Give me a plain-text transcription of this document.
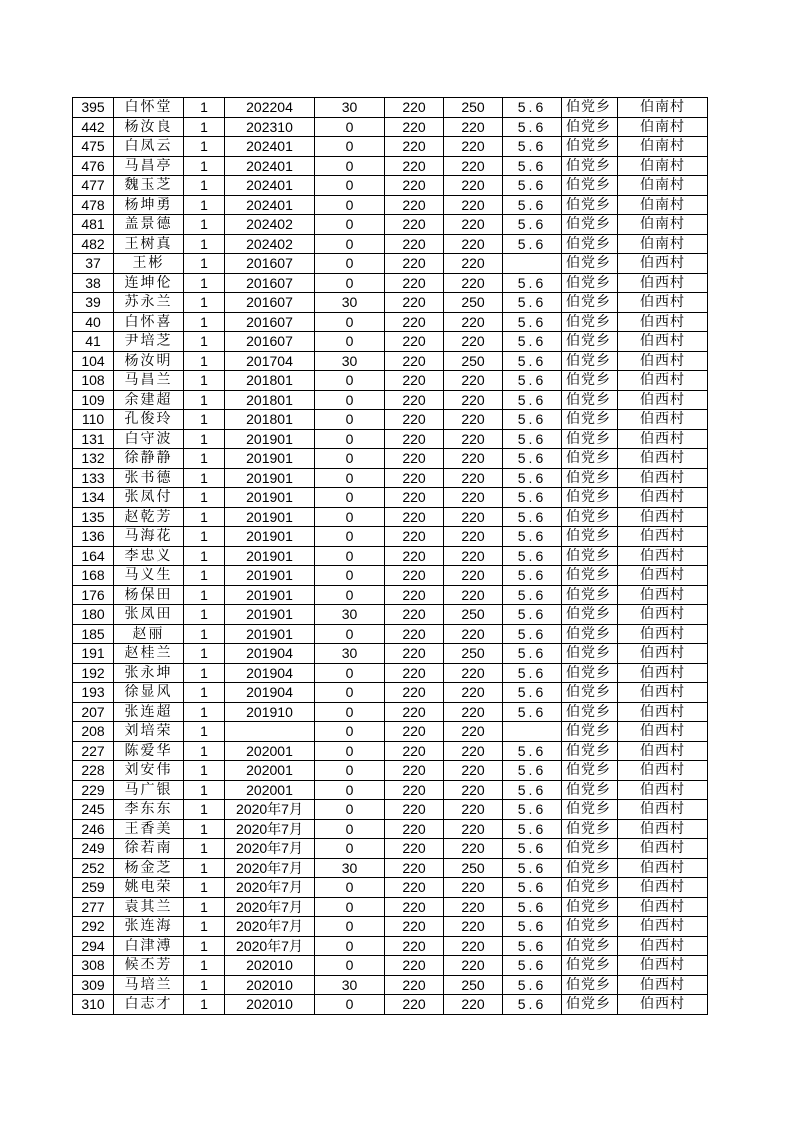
395	白怀堂	1	202204	30	220	250	5.6	伯党乡	伯南村
442	杨汝良	1	202310	0	220	220	5.6	伯党乡	伯南村
475	白凤云	1	202401	0	220	220	5.6	伯党乡	伯南村
476	马昌亭	1	202401	0	220	220	5.6	伯党乡	伯南村
477	魏玉芝	1	202401	0	220	220	5.6	伯党乡	伯南村
478	杨坤勇	1	202401	0	220	220	5.6	伯党乡	伯南村
481	盖景德	1	202402	0	220	220	5.6	伯党乡	伯南村
482	王树真	1	202402	0	220	220	5.6	伯党乡	伯南村
37	王彬	1	201607	0	220	220		伯党乡	伯西村
38	连坤伦	1	201607	0	220	220	5.6	伯党乡	伯西村
39	苏永兰	1	201607	30	220	250	5.6	伯党乡	伯西村
40	白怀喜	1	201607	0	220	220	5.6	伯党乡	伯西村
41	尹培芝	1	201607	0	220	220	5.6	伯党乡	伯西村
104	杨汝明	1	201704	30	220	250	5.6	伯党乡	伯西村
108	马昌兰	1	201801	0	220	220	5.6	伯党乡	伯西村
109	余建超	1	201801	0	220	220	5.6	伯党乡	伯西村
110	孔俊玲	1	201801	0	220	220	5.6	伯党乡	伯西村
131	白守波	1	201901	0	220	220	5.6	伯党乡	伯西村
132	徐静静	1	201901	0	220	220	5.6	伯党乡	伯西村
133	张书德	1	201901	0	220	220	5.6	伯党乡	伯西村
134	张凤付	1	201901	0	220	220	5.6	伯党乡	伯西村
135	赵乾芳	1	201901	0	220	220	5.6	伯党乡	伯西村
136	马海花	1	201901	0	220	220	5.6	伯党乡	伯西村
164	李忠义	1	201901	0	220	220	5.6	伯党乡	伯西村
168	马义生	1	201901	0	220	220	5.6	伯党乡	伯西村
176	杨保田	1	201901	0	220	220	5.6	伯党乡	伯西村
180	张凤田	1	201901	30	220	250	5.6	伯党乡	伯西村
185	赵丽	1	201901	0	220	220	5.6	伯党乡	伯西村
191	赵桂兰	1	201904	30	220	250	5.6	伯党乡	伯西村
192	张永坤	1	201904	0	220	220	5.6	伯党乡	伯西村
193	徐显风	1	201904	0	220	220	5.6	伯党乡	伯西村
207	张连超	1	201910	0	220	220	5.6	伯党乡	伯西村
208	刘培荣	1		0	220	220		伯党乡	伯西村
227	陈爱华	1	202001	0	220	220	5.6	伯党乡	伯西村
228	刘安伟	1	202001	0	220	220	5.6	伯党乡	伯西村
229	马广银	1	202001	0	220	220	5.6	伯党乡	伯西村
245	李东东	1	2020年7月	0	220	220	5.6	伯党乡	伯西村
246	王香美	1	2020年7月	0	220	220	5.6	伯党乡	伯西村
249	徐若南	1	2020年7月	0	220	220	5.6	伯党乡	伯西村
252	杨金芝	1	2020年7月	30	220	250	5.6	伯党乡	伯西村
259	姚电荣	1	2020年7月	0	220	220	5.6	伯党乡	伯西村
277	袁其兰	1	2020年7月	0	220	220	5.6	伯党乡	伯西村
292	张连海	1	2020年7月	0	220	220	5.6	伯党乡	伯西村
294	白津溥	1	2020年7月	0	220	220	5.6	伯党乡	伯西村
308	候丕芳	1	202010	0	220	220	5.6	伯党乡	伯西村
309	马培兰	1	202010	30	220	250	5.6	伯党乡	伯西村
310	白志才	1	202010	0	220	220	5.6	伯党乡	伯西村
